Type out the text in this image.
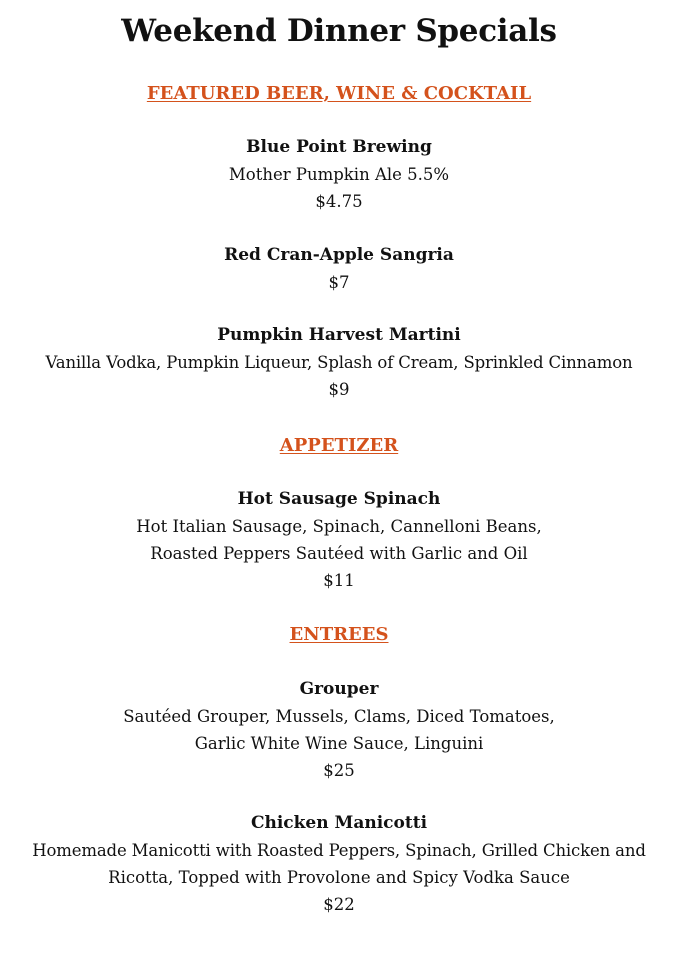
Weekend Dinner Specials
FEATURED BEER, WINE & COCKTAIL
Blue Point Brewing
Mother Pumpkin Ale 5.5%
$4.75
Red Cran-Apple Sangria
$7
Pumpkin Harvest Martini
Vanilla Vodka, Pumpkin Liqueur, Splash of Cream, Sprinkled Cinnamon
$9
APPETIZER
Hot Sausage Spinach
Hot Italian Sausage, Spinach, Cannelloni Beans,
Roasted Peppers Sautéed with Garlic and Oil
$11
ENTREES
Grouper
Sautéed Grouper, Mussels, Clams, Diced Tomatoes,
Garlic White Wine Sauce, Linguini
$25
Chicken Manicotti
Homemade Manicotti with Roasted Peppers, Spinach, Grilled Chicken and
Ricotta, Topped with Provolone and Spicy Vodka Sauce
$22
